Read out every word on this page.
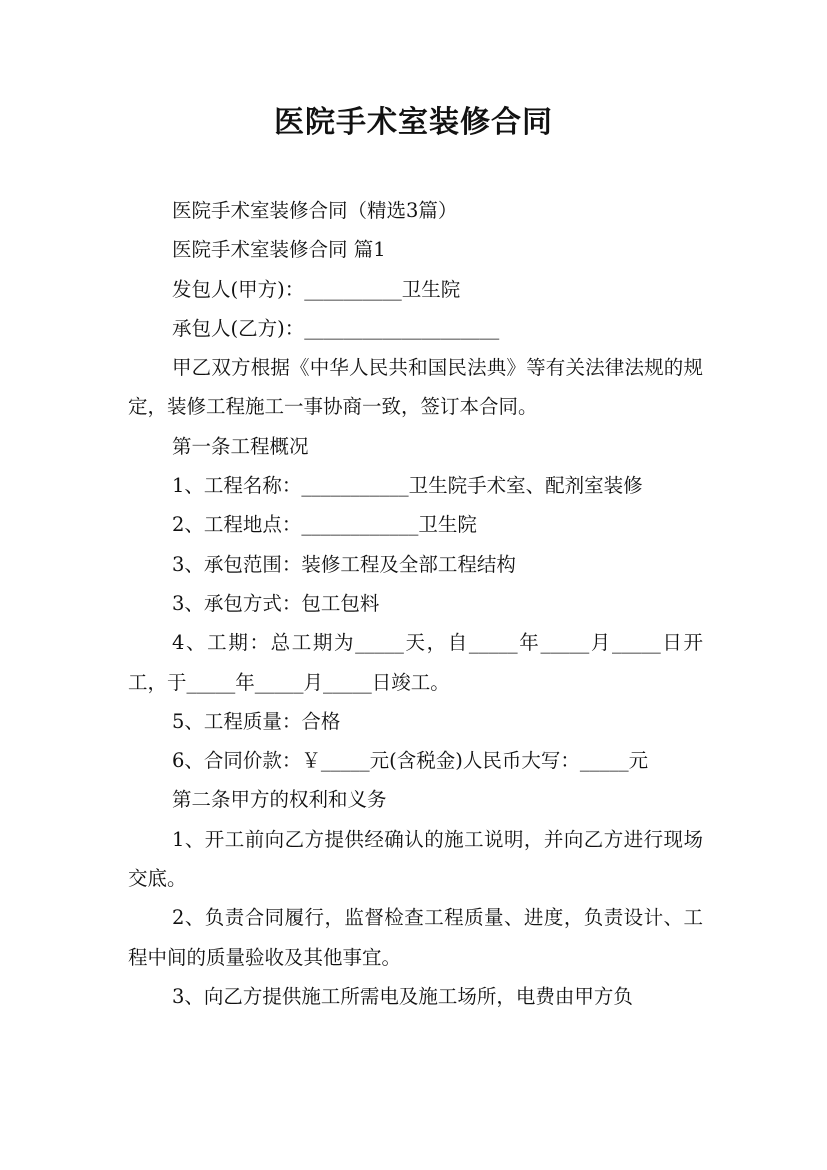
医院手术室装修合同

医院手术室装修合同（精选3篇）

医院手术室装修合同 篇1

发包人(甲方)：__________卫生院

承包人(乙方)：____________________

甲乙双方根据《中华人民共和国民法典》等有关法律法规的规定，装修工程施工一事协商一致，签订本合同。

第一条工程概况

1、工程名称：___________卫生院手术室、配剂室装修

2、工程地点：____________卫生院

3、承包范围：装修工程及全部工程结构

3、承包方式：包工包料

4、工期：总工期为_____天，自_____年_____月_____日开工，于_____年_____月_____日竣工。

5、工程质量：合格

6、合同价款：￥_____元(含税金)人民币大写：_____元

第二条甲方的权利和义务

1、开工前向乙方提供经确认的施工说明，并向乙方进行现场交底。

2、负责合同履行，监督检查工程质量、进度，负责设计、工程中间的质量验收及其他事宜。

3、向乙方提供施工所需电及施工场所，电费由甲方负
